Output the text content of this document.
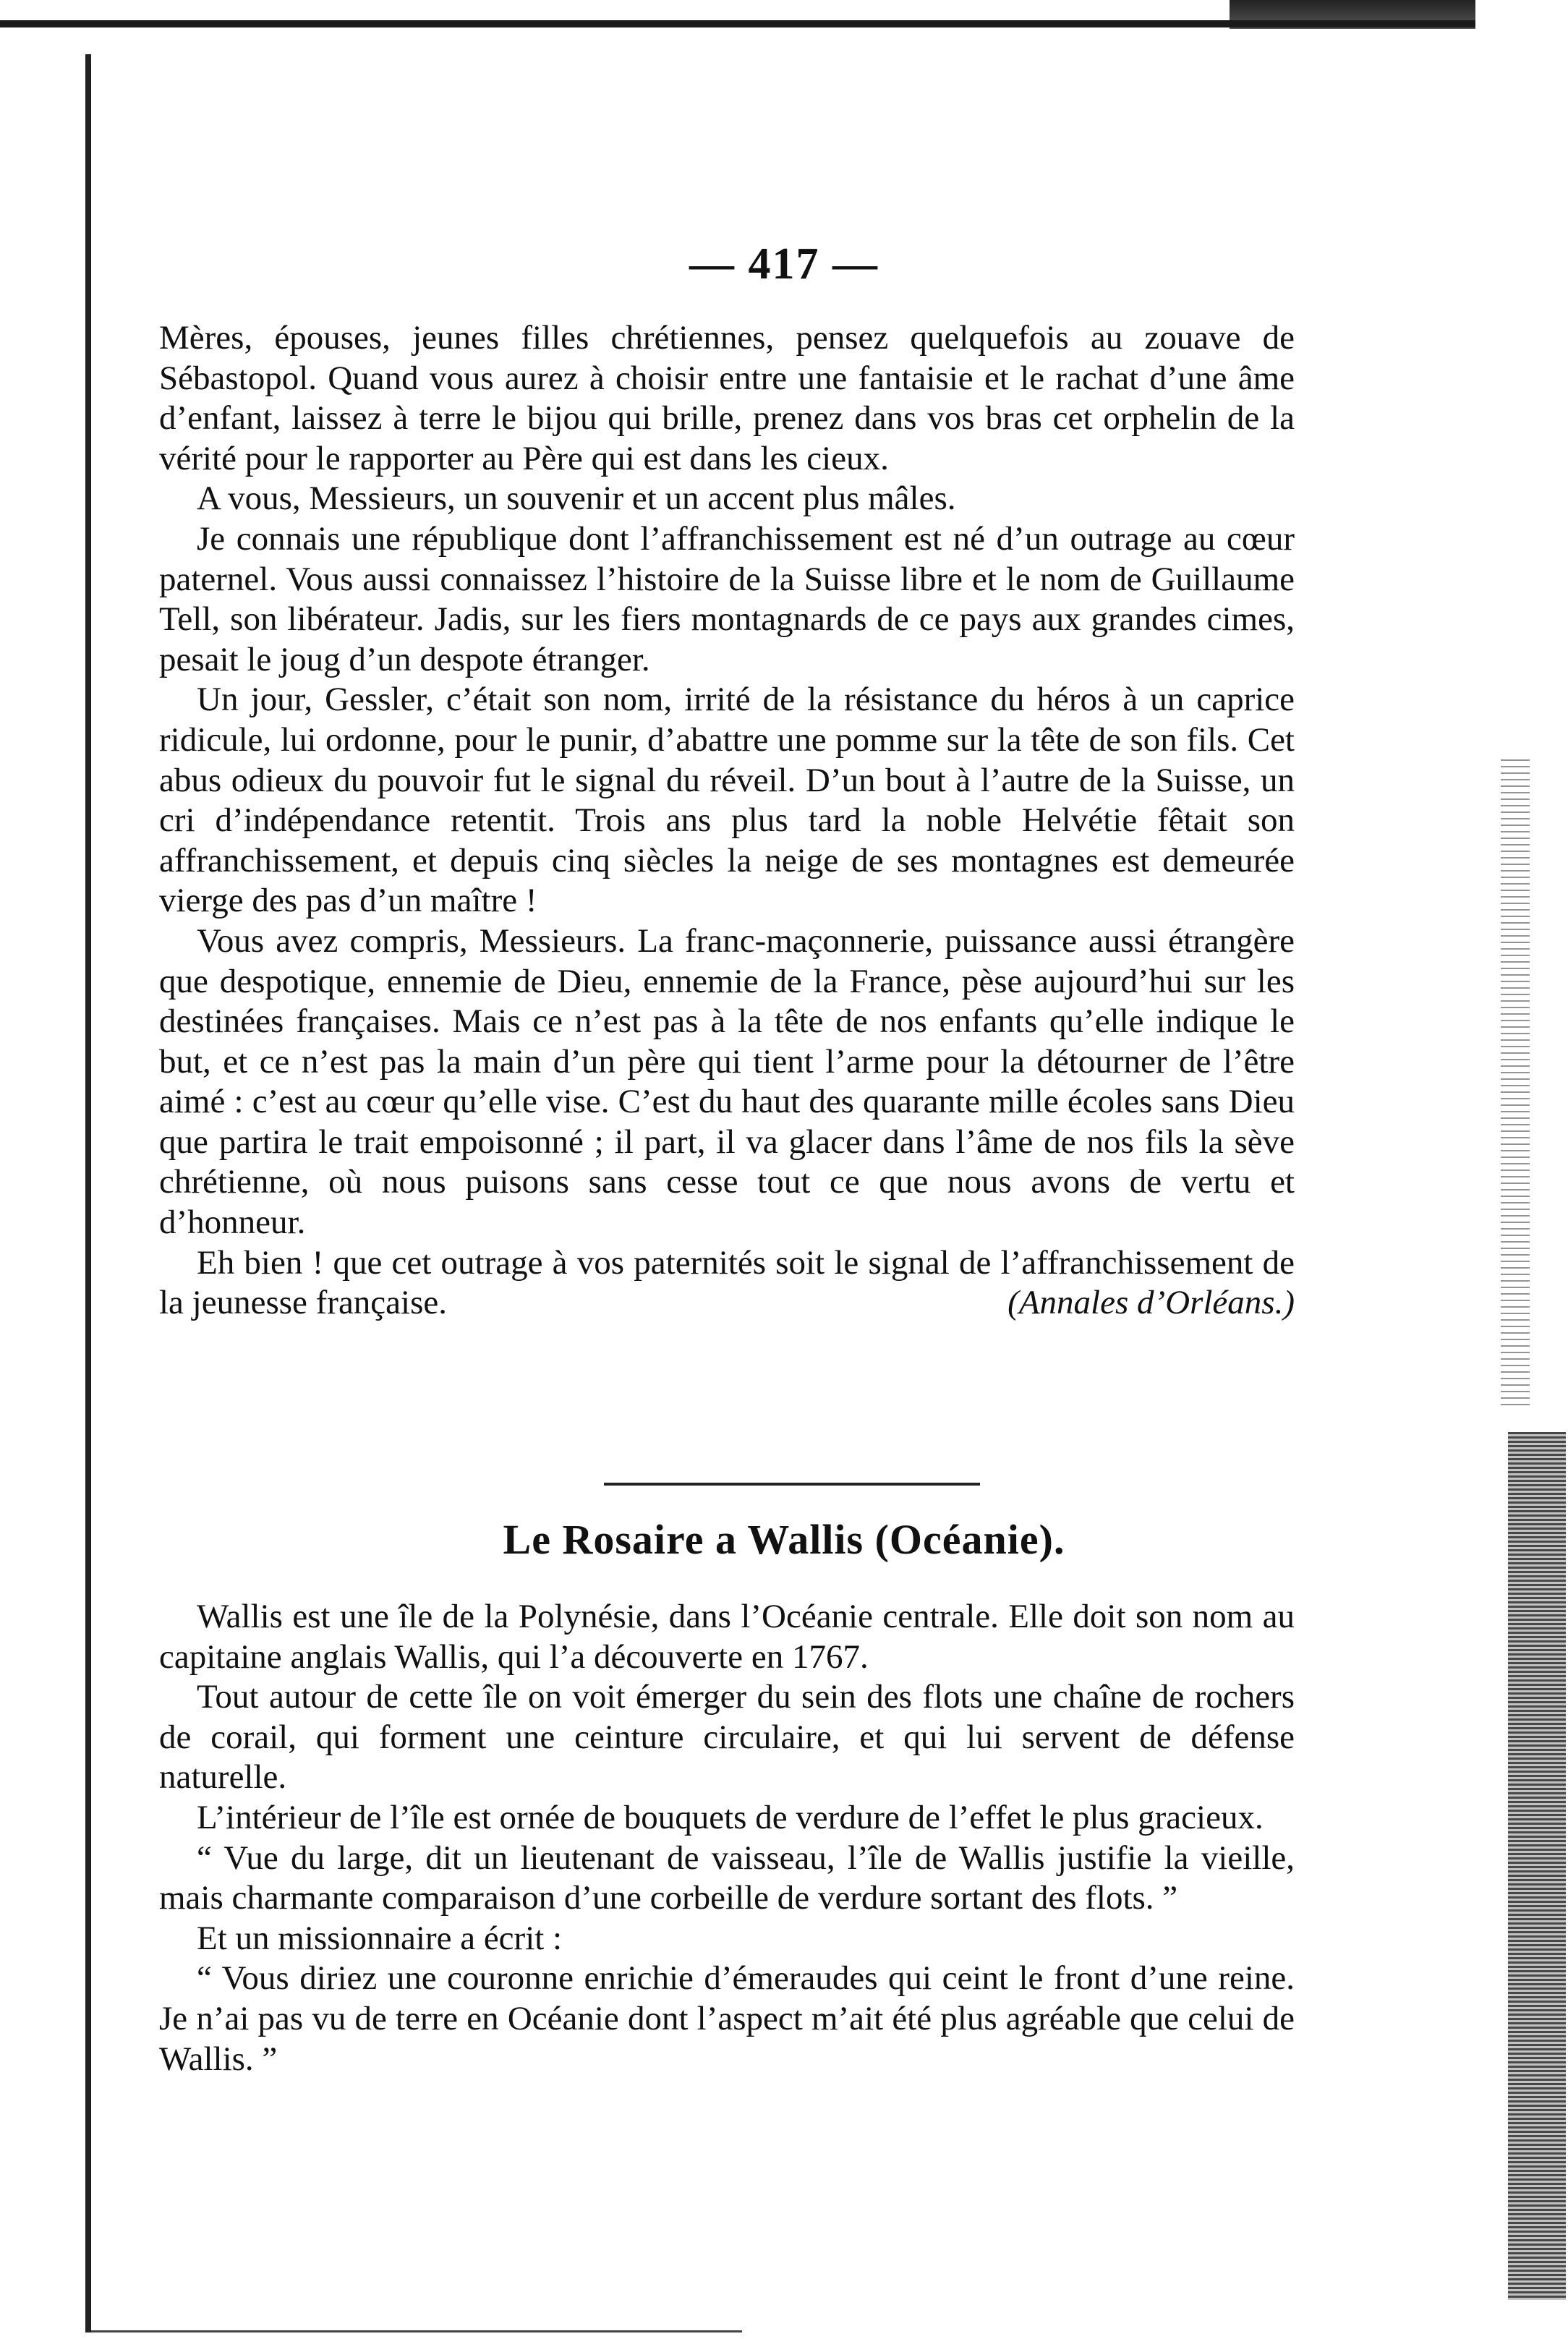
— 417 —

Mères, épouses, jeunes filles chrétiennes, pensez quelquefois au zouave de Sébastopol. Quand vous aurez à choisir entre une fantaisie et le rachat d’une âme d’enfant, laissez à terre le bijou qui brille, prenez dans vos bras cet orphelin de la vérité pour le rapporter au Père qui est dans les cieux.

A vous, Messieurs, un souvenir et un accent plus mâles.

Je connais une république dont l’affranchissement est né d’un outrage au cœur paternel. Vous aussi connaissez l’histoire de la Suisse libre et le nom de Guillaume Tell, son libérateur. Jadis, sur les fiers montagnards de ce pays aux grandes cimes, pesait le joug d’un despote étranger.

Un jour, Gessler, c’était son nom, irrité de la résistance du héros à un caprice ridicule, lui ordonne, pour le punir, d’abattre une pomme sur la tête de son fils. Cet abus odieux du pouvoir fut le signal du réveil. D’un bout à l’autre de la Suisse, un cri d’indépendance retentit. Trois ans plus tard la noble Helvétie fêtait son affranchissement, et depuis cinq siècles la neige de ses montagnes est demeurée vierge des pas d’un maître !

Vous avez compris, Messieurs. La franc-maçonnerie, puissance aussi étrangère que despotique, ennemie de Dieu, ennemie de la France, pèse aujourd’hui sur les destinées françaises. Mais ce n’est pas à la tête de nos enfants qu’elle indique le but, et ce n’est pas la main d’un père qui tient l’arme pour la détourner de l’être aimé : c’est au cœur qu’elle vise. C’est du haut des quarante mille écoles sans Dieu que partira le trait empoisonné ; il part, il va glacer dans l’âme de nos fils la sève chrétienne, où nous puisons sans cesse tout ce que nous avons de vertu et d’honneur.

Eh bien ! que cet outrage à vos paternités soit le signal de l’affranchissement de la jeunesse française.	(Annales d’Orléans.)

Le Rosaire a Wallis (Océanie).

Wallis est une île de la Polynésie, dans l’Océanie centrale. Elle doit son nom au capitaine anglais Wallis, qui l’a découverte en 1767.

Tout autour de cette île on voit émerger du sein des flots une chaîne de rochers de corail, qui forment une ceinture circulaire, et qui lui servent de défense naturelle.

L’intérieur de l’île est ornée de bouquets de verdure de l’effet le plus gracieux.

“ Vue du large, dit un lieutenant de vaisseau, l’île de Wallis justifie la vieille, mais charmante comparaison d’une corbeille de verdure sortant des flots. ”

Et un missionnaire a écrit :

“ Vous diriez une couronne enrichie d’émeraudes qui ceint le front d’une reine. Je n’ai pas vu de terre en Océanie dont l’aspect m’ait été plus agréable que celui de Wallis. ”
